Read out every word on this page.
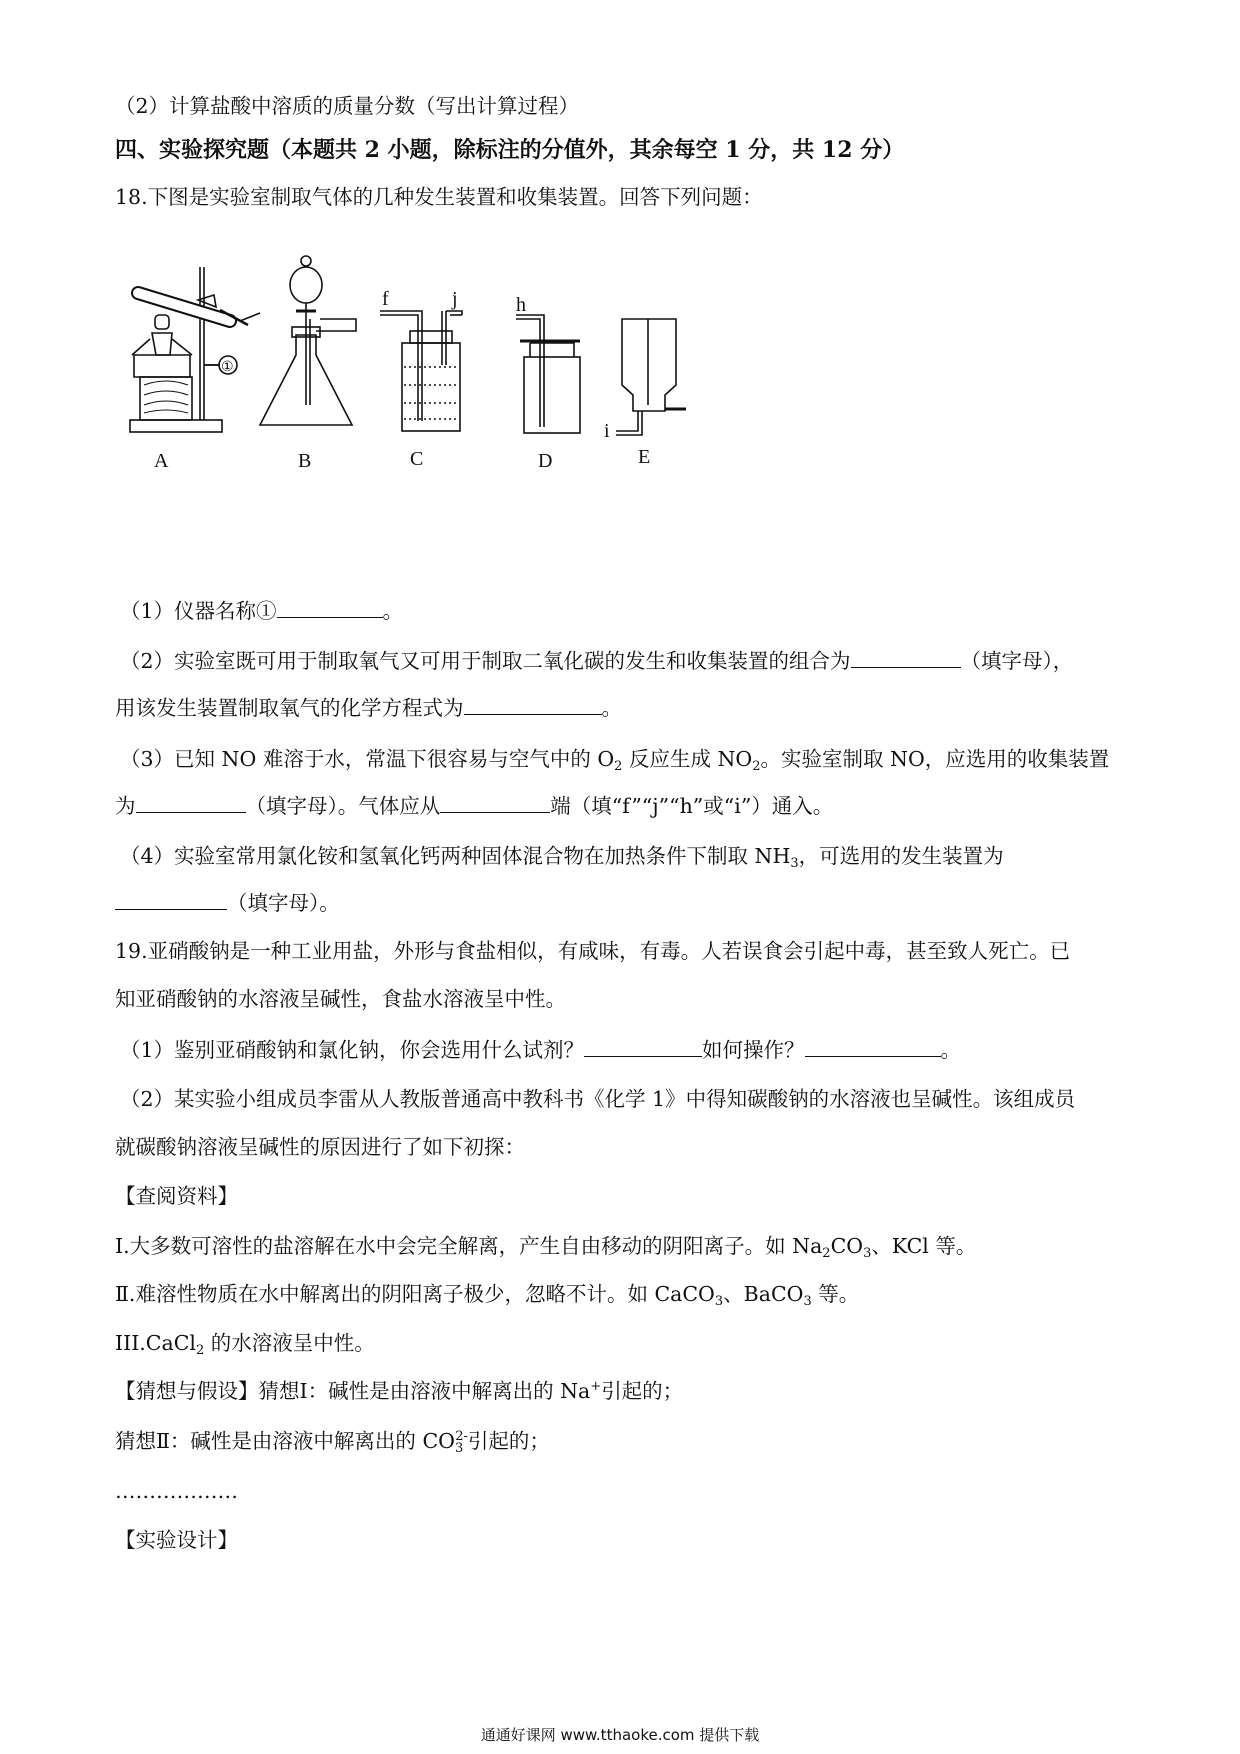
（2）计算盐酸中溶质的质量分数（写出计算过程）
四、实验探究题（本题共 2 小题，除标注的分值外，其余每空 1 分，共 12 分）
18.下图是实验室制取气体的几种发生装置和收集装置。回答下列问题：
A	B	C	D	E
f	j	h
i
①
（1）仪器名称①	。
（2）实验室既可用于制取氧气又可用于制取二氧化碳的发生和收集装置的组合为	（填字母），
用该发生装置制取氧气的化学方程式为	。
（3）已知 NO 难溶于水，常温下很容易与空气中的 $O_2$ 反应生成 $NO_2$。实验室制取 NO，应选用的收集装置
为	（填字母）。气体应从	端（填“f”“j”“h”或“i”）通入。
（4）实验室常用氯化铵和氢氧化钙两种固体混合物在加热条件下制取 $NH_3$，可选用的发生装置为
（填字母）。
19.亚硝酸钠是一种工业用盐，外形与食盐相似，有咸味，有毒。人若误食会引起中毒，甚至致人死亡。已
知亚硝酸钠的水溶液呈碱性，食盐水溶液呈中性。
（1）鉴别亚硝酸钠和氯化钠，你会选用什么试剂？	如何操作？	。
（2）某实验小组成员李雷从人教版普通高中教科书《化学 1》中得知碳酸钠的水溶液也呈碱性。该组成员
就碳酸钠溶液呈碱性的原因进行了如下初探：
【查阅资料】
Ⅰ.大多数可溶性的盐溶解在水中会完全解离，产生自由移动的阴阳离子。如 $Na_2CO_3$、KCl 等。
Ⅱ.难溶性物质在水中解离出的阴阳离子极少，忽略不计。如 CaCO$_3$、BaCO$_3$ 等。
III.CaCl$_2$ 的水溶液呈中性。
【猜想与假设】猜想Ⅰ：碱性是由溶液中解离出的 Na+引起的；
猜想Ⅱ：碱性是由溶液中解离出的 $CO_3^{2-}$引起的；
………………
【实验设计】
通通好课网 www.tthaoke.com 提供下载
